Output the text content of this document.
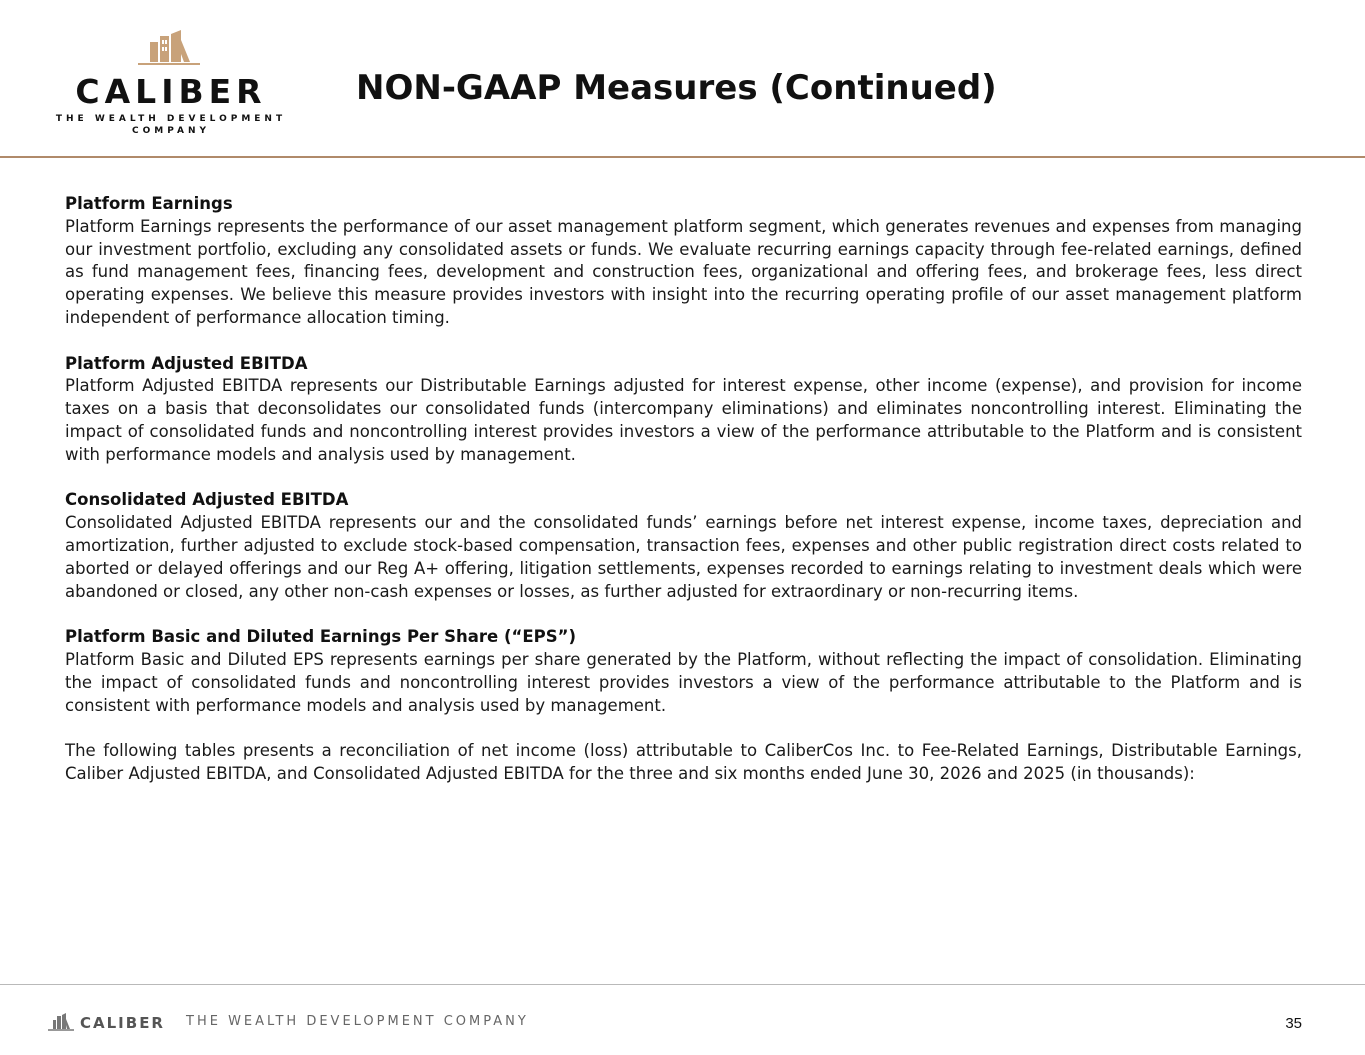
CALIBER
THE WEALTH DEVELOPMENT
COMPANY
NON-GAAP Measures (Continued)
Platform Earnings
Platform Earnings represents the performance of our asset management platform segment, which generates revenues and expenses from managing our investment portfolio, excluding any consolidated assets or funds. We evaluate recurring earnings capacity through fee-related earnings, defined as fund management fees, financing fees, development and construction fees, organizational and offering fees, and brokerage fees, less direct operating expenses. We believe this measure provides investors with insight into the recurring operating profile of our asset management platform independent of performance allocation timing.
Platform Adjusted EBITDA
Platform Adjusted EBITDA represents our Distributable Earnings adjusted for interest expense, other income (expense), and provision for income taxes on a basis that deconsolidates our consolidated funds (intercompany eliminations) and eliminates noncontrolling interest. Eliminating the impact of consolidated funds and noncontrolling interest provides investors a view of the performance attributable to the Platform and is consistent with performance models and analysis used by management.
Consolidated Adjusted EBITDA
Consolidated Adjusted EBITDA represents our and the consolidated funds’ earnings before net interest expense, income taxes, depreciation and amortization, further adjusted to exclude stock-based compensation, transaction fees, expenses and other public registration direct costs related to aborted or delayed offerings and our Reg A+ offering, litigation settlements, expenses recorded to earnings relating to investment deals which were abandoned or closed, any other non-cash expenses or losses, as further adjusted for extraordinary or non-recurring items.
Platform Basic and Diluted Earnings Per Share (“EPS”)
Platform Basic and Diluted EPS represents earnings per share generated by the Platform, without reflecting the impact of consolidation. Eliminating the impact of consolidated funds and noncontrolling interest provides investors a view of the performance attributable to the Platform and is consistent with performance models and analysis used by management.
The following tables presents a reconciliation of net income (loss) attributable to CaliberCos Inc. to Fee-Related Earnings, Distributable Earnings, Caliber Adjusted EBITDA, and Consolidated Adjusted EBITDA for the three and six months ended June 30, 2026 and 2025 (in thousands):
CALIBER THE WEALTH DEVELOPMENT COMPANY	35
